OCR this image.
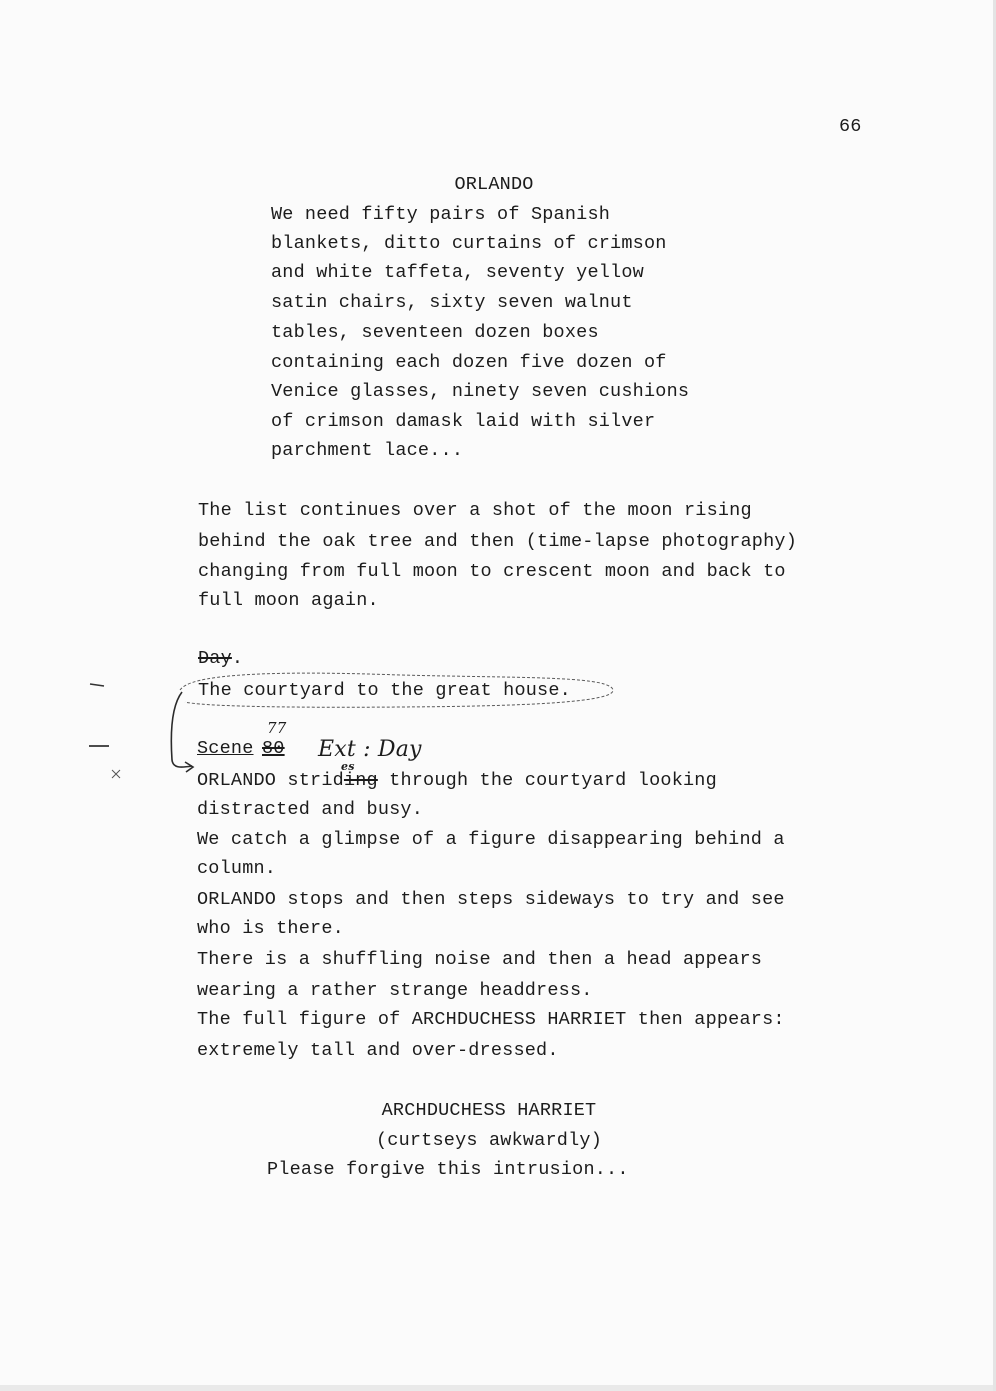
66
ORLANDO
We need fifty pairs of Spanish
blankets, ditto curtains of crimson
and white taffeta, seventy yellow
satin chairs, sixty seven walnut
tables, seventeen dozen boxes
containing each dozen five dozen of
Venice glasses, ninety seven cushions
of crimson damask laid with silver
parchment lace...
The list continues over a shot of the moon rising
behind the oak tree and then (time-lapse photography)
changing from full moon to crescent moon and back to
full moon again.
Day.
The courtyard to the great house.
Scene 80
77
Ext : Day
ORLANDO striding through the courtyard looking
es
distracted and busy.
We catch a glimpse of a figure disappearing behind a
column.
ORLANDO stops and then steps sideways to try and see
who is there.
There is a shuffling noise and then a head appears
wearing a rather strange headdress.
The full figure of ARCHDUCHESS HARRIET then appears:
extremely tall and over-dressed.
ARCHDUCHESS HARRIET
(curtseys awkwardly)
Please forgive this intrusion...
